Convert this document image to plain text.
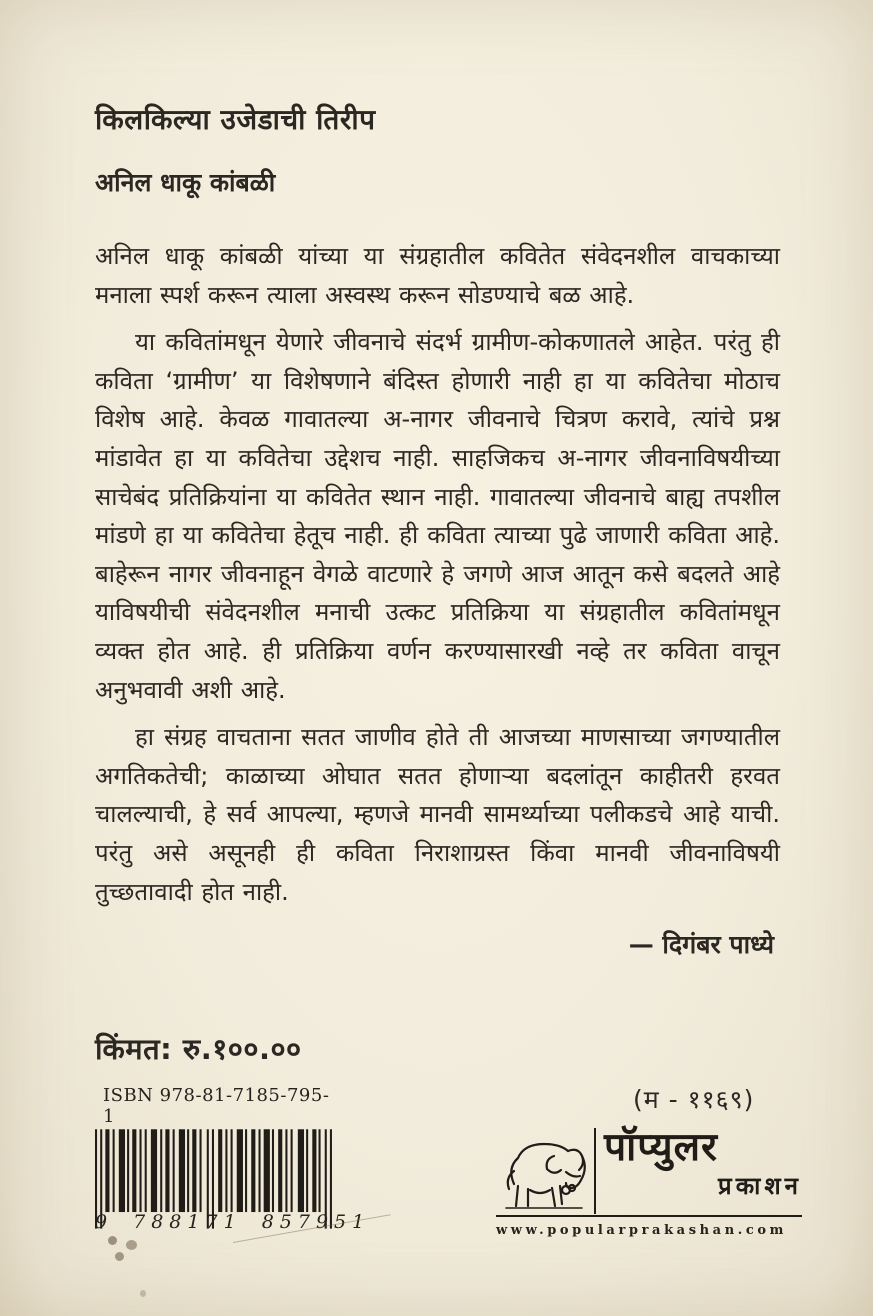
किलकिल्या उजेडाची तिरीप
अनिल धाकू कांबळी

अनिल धाकू कांबळी यांच्या या संग्रहातील कवितेत संवेदनशील वाचकाच्या मनाला स्पर्श करून त्याला अस्वस्थ करून सोडण्याचे बळ आहे.

या कवितांमधून येणारे जीवनाचे संदर्भ ग्रामीण-कोकणातले आहेत. परंतु ही कविता ‘ग्रामीण’ या विशेषणाने बंदिस्त होणारी नाही हा या कवितेचा मोठाच विशेष आहे. केवळ गावातल्या अ-नागर जीवनाचे चित्रण करावे, त्यांचे प्रश्न मांडावेत हा या कवितेचा उद्देशच नाही. साहजिकच अ-नागर जीवनाविषयीच्या साचेबंद प्रतिक्रियांना या कवितेत स्थान नाही. गावातल्या जीवनाचे बाह्य तपशील मांडणे हा या कवितेचा हेतूच नाही. ही कविता त्याच्या पुढे जाणारी कविता आहे. बाहेरून नागर जीवनाहून वेगळे वाटणारे हे जगणे आज आतून कसे बदलते आहे याविषयीची संवेदनशील मनाची उत्कट प्रतिक्रिया या संग्रहातील कवितांमधून व्यक्त होत आहे. ही प्रतिक्रिया वर्णन करण्यासारखी नव्हे तर कविता वाचून अनुभवावी अशी आहे.

हा संग्रह वाचताना सतत जाणीव होते ती आजच्या माणसाच्या जगण्यातील अगतिकतेची; काळाच्या ओघात सतत होणाऱ्या बदलांतून काहीतरी हरवत चालल्याची, हे सर्व आपल्या, म्हणजे मानवी सामर्थ्याच्या पलीकडचे आहे याची. परंतु असे असूनही ही कविता निराशाग्रस्त किंवा मानवी जीवनाविषयी तुच्छतावादी होत नाही.

— दिगंबर पाध्ये
किंमत: रु.१००.००
ISBN 978-81-7185-795-1
9 788171 857951
(म - ११६९)
पॉप्युलर
प्रकाशन
www.popularprakashan.com
